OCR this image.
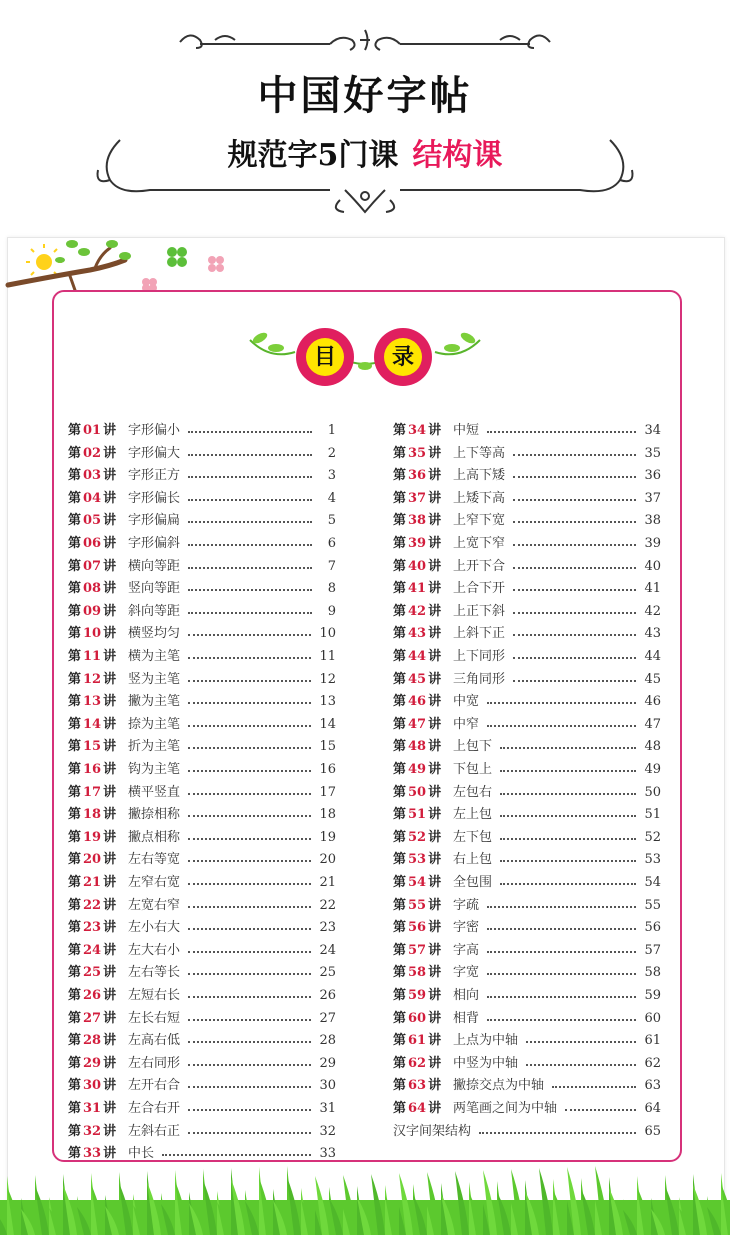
中国好字帖
规范字5门课 结构课
目	录
第 01 讲 字形偏小	1
第 02 讲 字形偏大	2
第 03 讲 字形正方	3
第 04 讲 字形偏长	4
第 05 讲 字形偏扁	5
第 06 讲 字形偏斜	6
第 07 讲 横向等距	7
第 08 讲 竖向等距	8
第 09 讲 斜向等距	9
第 10 讲 横竖均匀	10
第 11 讲 横为主笔	11
第 12 讲 竖为主笔	12
第 13 讲 撇为主笔	13
第 14 讲 捺为主笔	14
第 15 讲 折为主笔	15
第 16 讲 钩为主笔	16
第 17 讲 横平竖直	17
第 18 讲 撇捺相称	18
第 19 讲 撇点相称	19
第 20 讲 左右等宽	20
第 21 讲 左窄右宽	21
第 22 讲 左宽右窄	22
第 23 讲 左小右大	23
第 24 讲 左大右小	24
第 25 讲 左右等长	25
第 26 讲 左短右长	26
第 27 讲 左长右短	27
第 28 讲 左高右低	28
第 29 讲 左右同形	29
第 30 讲 左开右合	30
第 31 讲 左合右开	31
第 32 讲 左斜右正	32
第 33 讲 中长	33
第 34 讲 中短	34
第 35 讲 上下等高	35
第 36 讲 上高下矮	36
第 37 讲 上矮下高	37
第 38 讲 上窄下宽	38
第 39 讲 上宽下窄	39
第 40 讲 上开下合	40
第 41 讲 上合下开	41
第 42 讲 上正下斜	42
第 43 讲 上斜下正	43
第 44 讲 上下同形	44
第 45 讲 三角同形	45
第 46 讲 中宽	46
第 47 讲 中窄	47
第 48 讲 上包下	48
第 49 讲 下包上	49
第 50 讲 左包右	50
第 51 讲 左上包	51
第 52 讲 左下包	52
第 53 讲 右上包	53
第 54 讲 全包围	54
第 55 讲 字疏	55
第 56 讲 字密	56
第 57 讲 字高	57
第 58 讲 字宽	58
第 59 讲 相向	59
第 60 讲 相背	60
第 61 讲 上点为中轴	61
第 62 讲 中竖为中轴	62
第 63 讲 撇捺交点为中轴	63
第 64 讲 两笔画之间为中轴	64
汉字间架结构	65
